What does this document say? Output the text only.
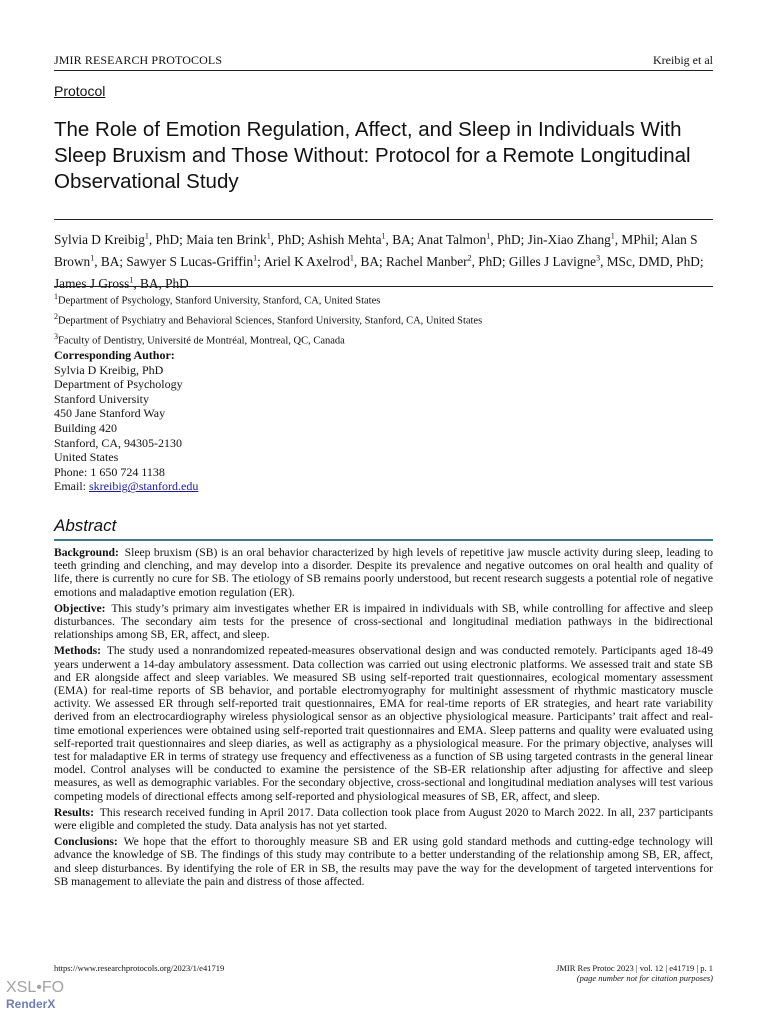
JMIR RESEARCH PROTOCOLS	Kreibig et al
Protocol
The Role of Emotion Regulation, Affect, and Sleep in Individuals With Sleep Bruxism and Those Without: Protocol for a Remote Longitudinal Observational Study
Sylvia D Kreibig$^1$, PhD; Maia ten Brink$^1$, PhD; Ashish Mehta$^1$, BA; Anat Talmon$^1$, PhD; Jin-Xiao Zhang$^1$, MPhil; Alan S Brown$^1$, BA; Sawyer S Lucas-Griffin$^1$; Ariel K Axelrod$^1$, BA; Rachel Manber$^2$, PhD; Gilles J Lavigne$^3$, MSc, DMD, PhD; James J Gross$^1$, BA, PhD
$^1$Department of Psychology, Stanford University, Stanford, CA, United States
$^2$Department of Psychiatry and Behavioral Sciences, Stanford University, Stanford, CA, United States
$^3$Faculty of Dentistry, Université de Montréal, Montreal, QC, Canada
Corresponding Author:
Sylvia D Kreibig, PhD
Department of Psychology
Stanford University
450 Jane Stanford Way
Building 420
Stanford, CA, 94305-2130
United States
Phone: 1 650 724 1138
Email: skreibig@stanford.edu
Abstract

Background:  Sleep bruxism (SB) is an oral behavior characterized by high levels of repetitive jaw muscle activity during sleep, leading to teeth grinding and clenching, and may develop into a disorder. Despite its prevalence and negative outcomes on oral health and quality of life, there is currently no cure for SB. The etiology of SB remains poorly understood, but recent research suggests a potential role of negative emotions and maladaptive emotion regulation (ER).

Objective:  This study’s primary aim investigates whether ER is impaired in individuals with SB, while controlling for affective and sleep disturbances. The secondary aim tests for the presence of cross-sectional and longitudinal mediation pathways in the bidirectional relationships among SB, ER, affect, and sleep.

Methods:  The study used a nonrandomized repeated-measures observational design and was conducted remotely. Participants aged 18-49 years underwent a 14-day ambulatory assessment. Data collection was carried out using electronic platforms. We assessed trait and state SB and ER alongside affect and sleep variables. We measured SB using self-reported trait questionnaires, ecological momentary assessment (EMA) for real-time reports of SB behavior, and portable electromyography for multinight assessment of rhythmic masticatory muscle activity. We assessed ER through self-reported trait questionnaires, EMA for real-time reports of ER strategies, and heart rate variability derived from an electrocardiography wireless physiological sensor as an objective physiological measure. Participants’ trait affect and real-time emotional experiences were obtained using self-reported trait questionnaires and EMA. Sleep patterns and quality were evaluated using self-reported trait questionnaires and sleep diaries, as well as actigraphy as a physiological measure. For the primary objective, analyses will test for maladaptive ER in terms of strategy use frequency and effectiveness as a function of SB using targeted contrasts in the general linear model. Control analyses will be conducted to examine the persistence of the SB-ER relationship after adjusting for affective and sleep measures, as well as demographic variables. For the secondary objective, cross-sectional and longitudinal mediation analyses will test various competing models of directional effects among self-reported and physiological measures of SB, ER, affect, and sleep.

Results:  This research received funding in April 2017. Data collection took place from August 2020 to March 2022. In all, 237 participants were eligible and completed the study. Data analysis has not yet started.

Conclusions:  We hope that the effort to thoroughly measure SB and ER using gold standard methods and cutting-edge technology will advance the knowledge of SB. The findings of this study may contribute to a better understanding of the relationship among SB, ER, affect, and sleep disturbances. By identifying the role of ER in SB, the results may pave the way for the development of targeted interventions for SB management to alleviate the pain and distress of those affected.

https://www.researchprotocols.org/2023/1/e41719	JMIR Res Protoc 2023 | vol. 12 | e41719 | p. 1
(page number not for citation purposes)
XSL•FO
RenderX
